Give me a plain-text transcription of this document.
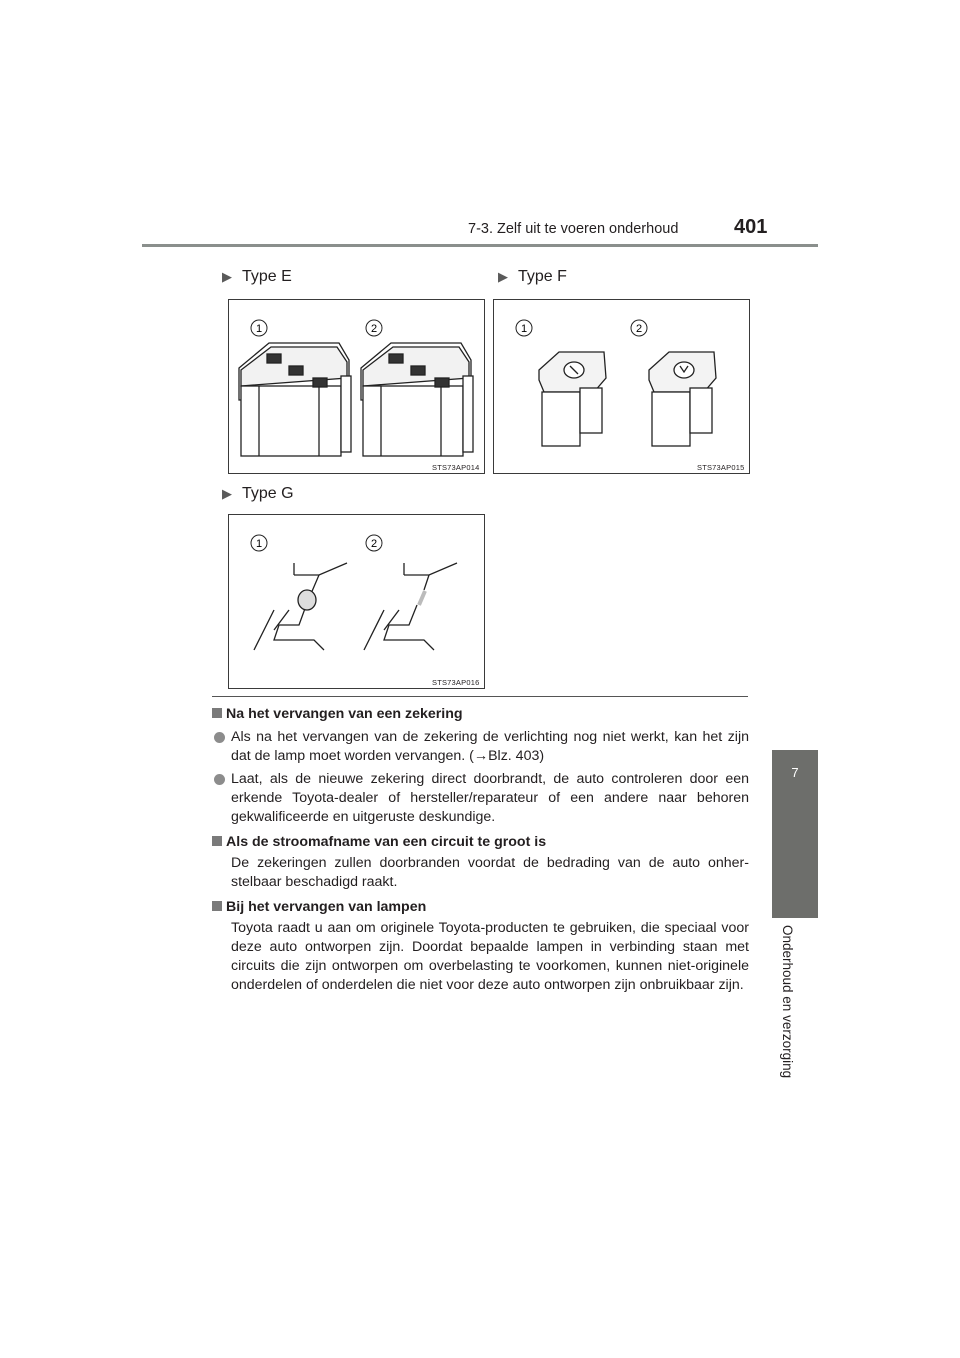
7-3. Zelf uit te voeren onderhoud	401
7
Onderhoud en verzorging
▶ Type E	▶ Type F
▶ Type G
1	2
STS73AP014
1	2
STS73AP015
1	2
STS73AP016
Na het vervangen van een zekering
Als na het vervangen van de zekering de verlichting nog niet werkt, kan het zijn dat de lamp moet worden vervangen. (→Blz. 403)
Laat, als de nieuwe zekering direct doorbrandt, de auto controleren door een erkende Toyota-dealer of hersteller/reparateur of een andere naar behoren gekwalificeerde en uitgeruste deskundige.
Als de stroomafname van een circuit te groot is
De zekeringen zullen doorbranden voordat de bedrading van de auto onher-stelbaar beschadigd raakt.
Bij het vervangen van lampen
Toyota raadt u aan om originele Toyota-producten te gebruiken, die speciaal voor deze auto ontworpen zijn. Doordat bepaalde lampen in verbinding staan met circuits die zijn ontworpen om overbelasting te voorkomen, kunnen niet-originele onderdelen of onderdelen die niet voor deze auto ontworpen zijn onbruikbaar zijn.
